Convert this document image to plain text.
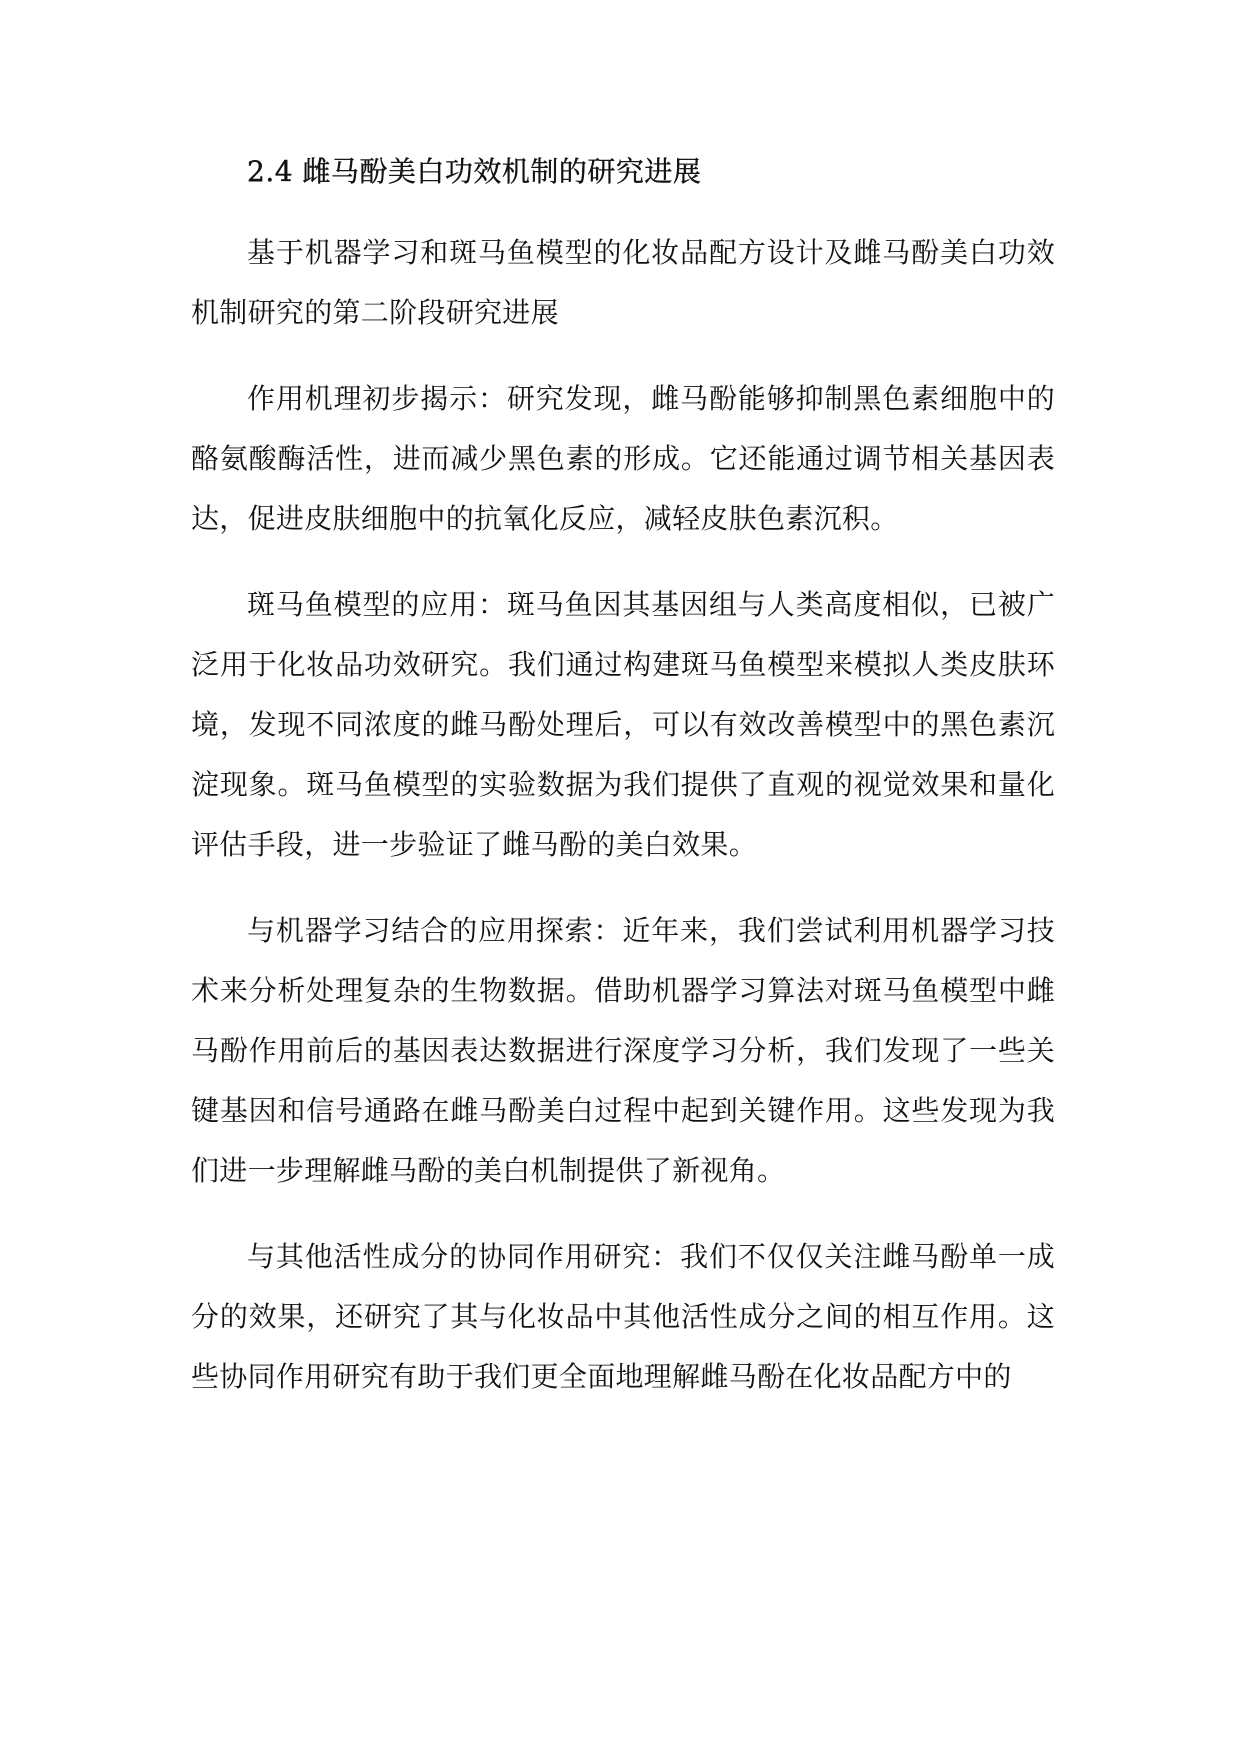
2.4 雌马酚美白功效机制的研究进展

基于机器学习和斑马鱼模型的化妆品配方设计及雌马酚美白功效机制研究的第二阶段研究进展

作用机理初步揭示：研究发现，雌马酚能够抑制黑色素细胞中的酪氨酸酶活性，进而减少黑色素的形成。它还能通过调节相关基因表达，促进皮肤细胞中的抗氧化反应，减轻皮肤色素沉积。

斑马鱼模型的应用：斑马鱼因其基因组与人类高度相似，已被广泛用于化妆品功效研究。我们通过构建斑马鱼模型来模拟人类皮肤环境，发现不同浓度的雌马酚处理后，可以有效改善模型中的黑色素沉淀现象。斑马鱼模型的实验数据为我们提供了直观的视觉效果和量化评估手段，进一步验证了雌马酚的美白效果。

与机器学习结合的应用探索：近年来，我们尝试利用机器学习技术来分析处理复杂的生物数据。借助机器学习算法对斑马鱼模型中雌马酚作用前后的基因表达数据进行深度学习分析，我们发现了一些关键基因和信号通路在雌马酚美白过程中起到关键作用。这些发现为我们进一步理解雌马酚的美白机制提供了新视角。

与其他活性成分的协同作用研究：我们不仅仅关注雌马酚单一成分的效果，还研究了其与化妆品中其他活性成分之间的相互作用。这些协同作用研究有助于我们更全面地理解雌马酚在化妆品配方中的
